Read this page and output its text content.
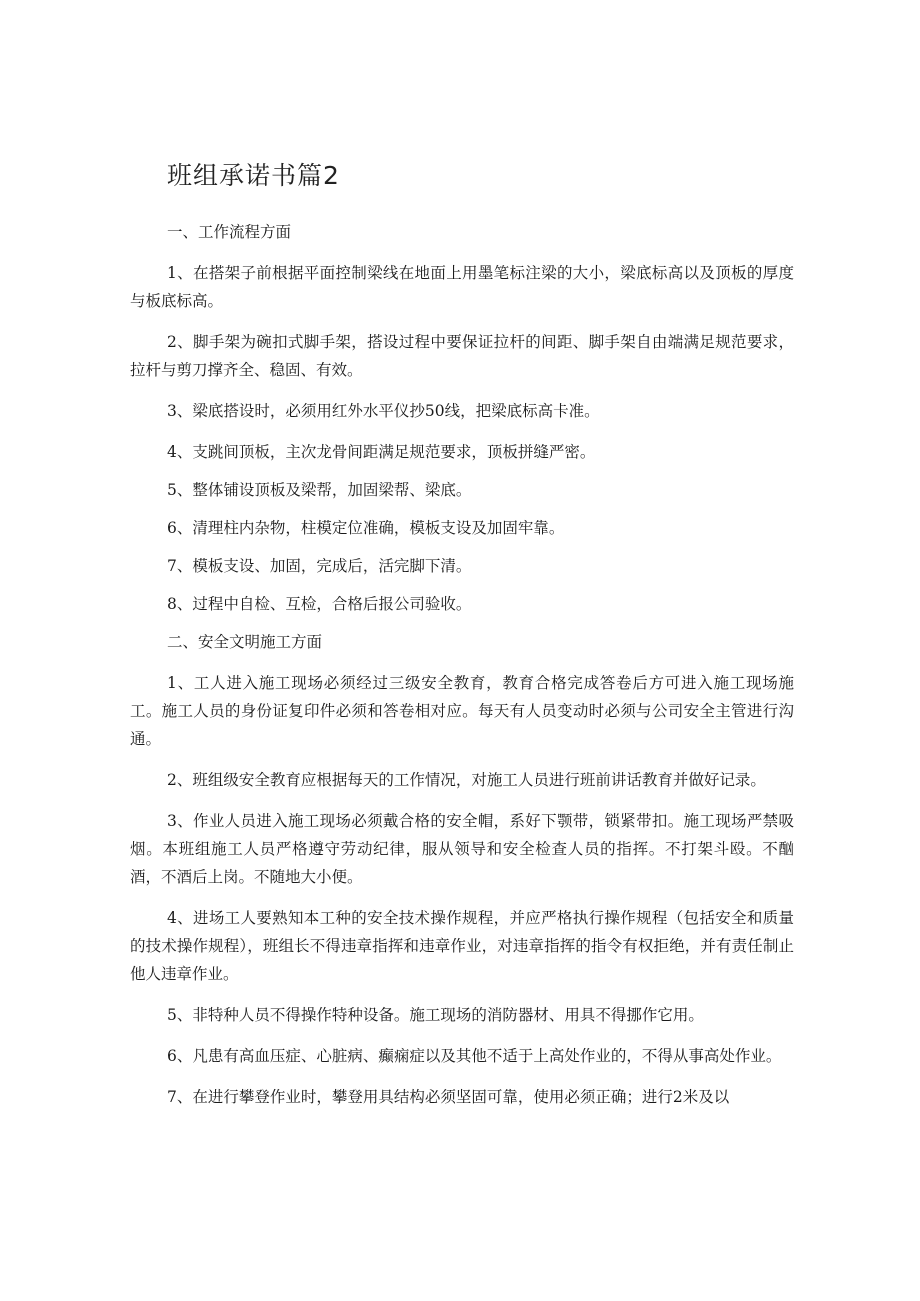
班组承诺书篇2

一、工作流程方面

1、在搭架子前根据平面控制梁线在地面上用墨笔标注梁的大小，梁底标高以及顶板的厚度与板底标高。

2、脚手架为碗扣式脚手架，搭设过程中要保证拉杆的间距、脚手架自由端满足规范要求，拉杆与剪刀撑齐全、稳固、有效。

3、梁底搭设时，必须用红外水平仪抄50线，把梁底标高卡准。

4、支跳间顶板，主次龙骨间距满足规范要求，顶板拼缝严密。

5、整体铺设顶板及梁帮，加固梁帮、梁底。

6、清理柱内杂物，柱模定位准确，模板支设及加固牢靠。

7、模板支设、加固，完成后，活完脚下清。

8、过程中自检、互检，合格后报公司验收。

二、安全文明施工方面

1、工人进入施工现场必须经过三级安全教育，教育合格完成答卷后方可进入施工现场施工。施工人员的身份证复印件必须和答卷相对应。每天有人员变动时必须与公司安全主管进行沟通。

2、班组级安全教育应根据每天的工作情况，对施工人员进行班前讲话教育并做好记录。

3、作业人员进入施工现场必须戴合格的安全帽，系好下颚带，锁紧带扣。施工现场严禁吸烟。本班组施工人员严格遵守劳动纪律，服从领导和安全检查人员的指挥。不打架斗殴。不酗酒，不酒后上岗。不随地大小便。

4、进场工人要熟知本工种的安全技术操作规程，并应严格执行操作规程（包括安全和质量的技术操作规程），班组长不得违章指挥和违章作业，对违章指挥的指令有权拒绝，并有责任制止他人违章作业。

5、非特种人员不得操作特种设备。施工现场的消防器材、用具不得挪作它用。

6、凡患有高血压症、心脏病、癫痫症以及其他不适于上高处作业的，不得从事高处作业。

7、在进行攀登作业时，攀登用具结构必须坚固可靠，使用必须正确；进行2米及以
